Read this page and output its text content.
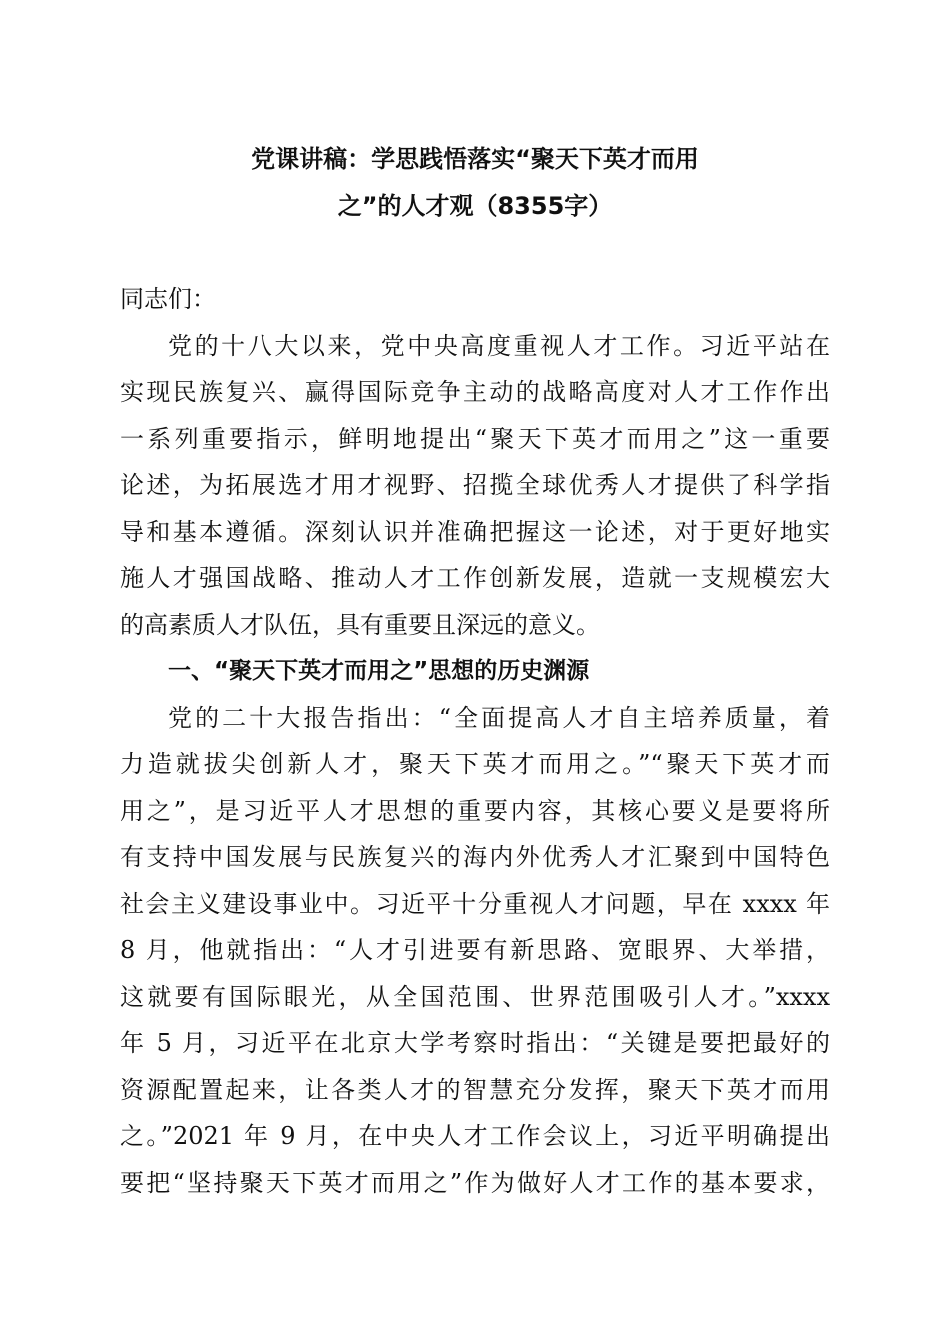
党课讲稿：学思践悟落实“聚天下英才而用
之”的人才观（8355字）
同志们：
党的十八大以来，党中央高度重视人才工作。习近平站在
实现民族复兴、赢得国际竞争主动的战略高度对人才工作作出
一系列重要指示，鲜明地提出“聚天下英才而用之”这一重要
论述，为拓展选才用才视野、招揽全球优秀人才提供了科学指
导和基本遵循。深刻认识并准确把握这一论述，对于更好地实
施人才强国战略、推动人才工作创新发展，造就一支规模宏大
的高素质人才队伍，具有重要且深远的意义。
一、“聚天下英才而用之”思想的历史渊源
党的二十大报告指出：“全面提高人才自主培养质量，着
力造就拔尖创新人才，聚天下英才而用之。”“聚天下英才而
用之”，是习近平人才思想的重要内容，其核心要义是要将所
有支持中国发展与民族复兴的海内外优秀人才汇聚到中国特色
社会主义建设事业中。习近平十分重视人才问题，早在 xxxx 年
8 月，他就指出：“人才引进要有新思路、宽眼界、大举措，
这就要有国际眼光，从全国范围、世界范围吸引人才。”xxxx
年 5 月，习近平在北京大学考察时指出：“关键是要把最好的
资源配置起来，让各类人才的智慧充分发挥，聚天下英才而用
之。”2021 年 9 月，在中央人才工作会议上，习近平明确提出
要把“坚持聚天下英才而用之”作为做好人才工作的基本要求，
